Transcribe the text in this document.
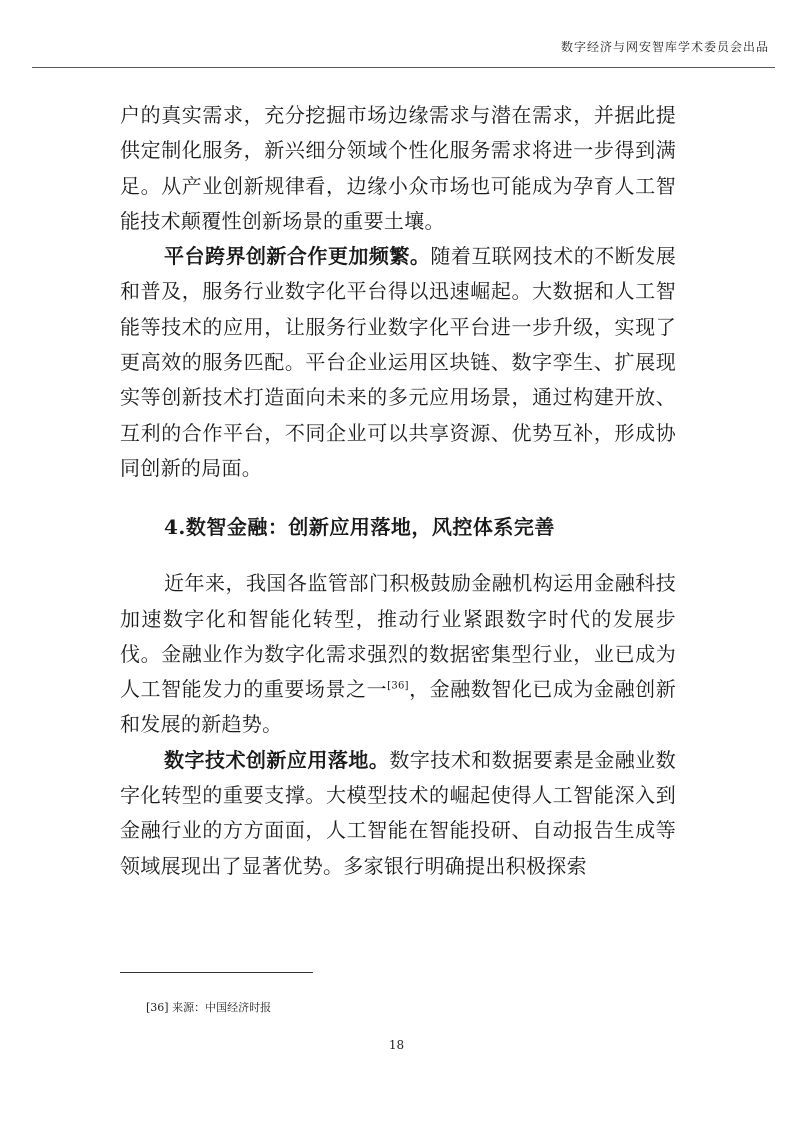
数字经济与网安智库学术委员会出品

户的真实需求，充分挖掘市场边缘需求与潜在需求，并据此提供定制化服务，新兴细分领域个性化服务需求将进一步得到满足。从产业创新规律看，边缘小众市场也可能成为孕育人工智能技术颠覆性创新场景的重要土壤。

平台跨界创新合作更加频繁。随着互联网技术的不断发展和普及，服务行业数字化平台得以迅速崛起。大数据和人工智能等技术的应用，让服务行业数字化平台进一步升级，实现了更高效的服务匹配。平台企业运用区块链、数字孪生、扩展现实等创新技术打造面向未来的多元应用场景，通过构建开放、互利的合作平台，不同企业可以共享资源、优势互补，形成协同创新的局面。

4.数智金融：创新应用落地，风控体系完善

近年来，我国各监管部门积极鼓励金融机构运用金融科技加速数字化和智能化转型，推动行业紧跟数字时代的发展步伐。金融业作为数字化需求强烈的数据密集型行业，业已成为人工智能发力的重要场景之一[36]，金融数智化已成为金融创新和发展的新趋势。

数字技术创新应用落地。数字技术和数据要素是金融业数字化转型的重要支撑。大模型技术的崛起使得人工智能深入到金融行业的方方面面，人工智能在智能投研、自动报告生成等领域展现出了显著优势。多家银行明确提出积极探索

[36] 来源：中国经济时报
18
